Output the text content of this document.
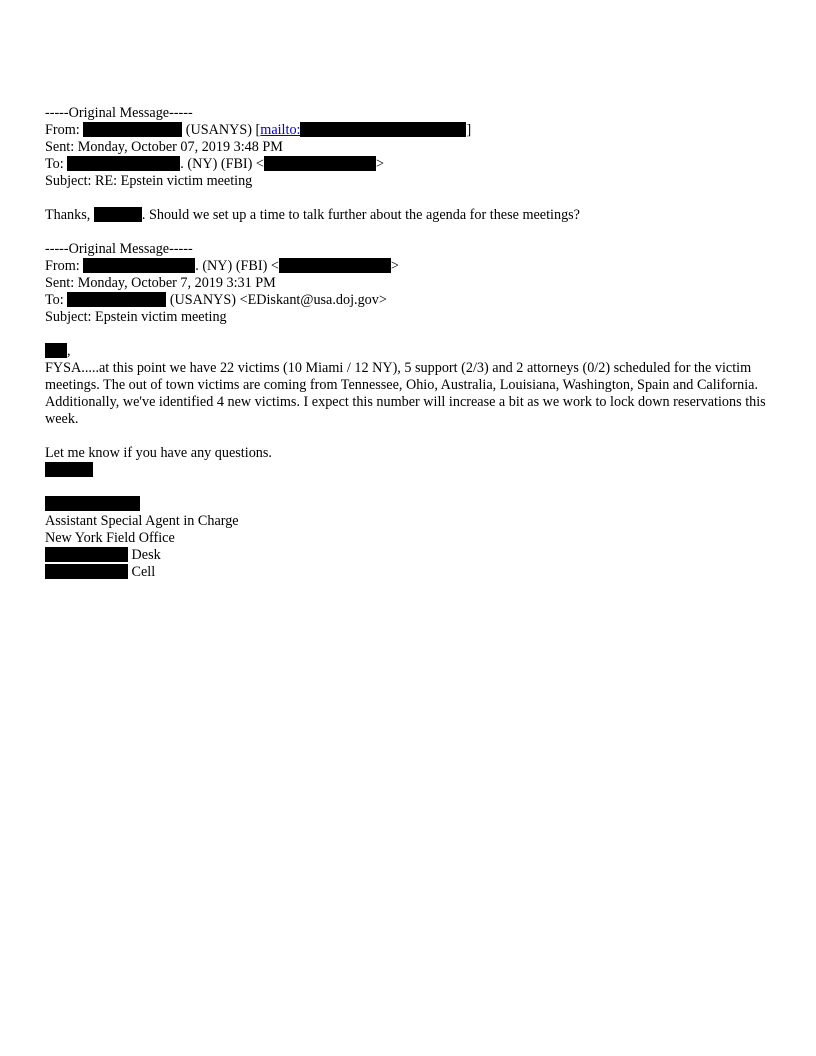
-----Original Message-----
From:	(USANYS) [mailto:	]
Sent: Monday, October 07, 2019 3:48 PM
To:	. (NY) (FBI) <	>
Subject: RE: Epstein victim meeting
Thanks,	. Should we set up a time to talk further about the agenda for these meetings?
-----Original Message-----
From:	. (NY) (FBI) <	>
Sent: Monday, October 7, 2019 3:31 PM
To:	(USANYS) <EDiskant@usa.doj.gov>
Subject: Epstein victim meeting
,
FYSA.....at this point we have 22 victims (10 Miami / 12 NY), 5 support (2/3) and 2 attorneys (0/2) scheduled for the victim meetings. The out of town victims are coming from Tennessee, Ohio, Australia, Louisiana, Washington, Spain and California. Additionally, we've identified 4 new victims. I expect this number will increase a bit as we work to lock down reservations this week.
Let me know if you have any questions.
Assistant Special Agent in Charge
New York Field Office
Desk
Cell
